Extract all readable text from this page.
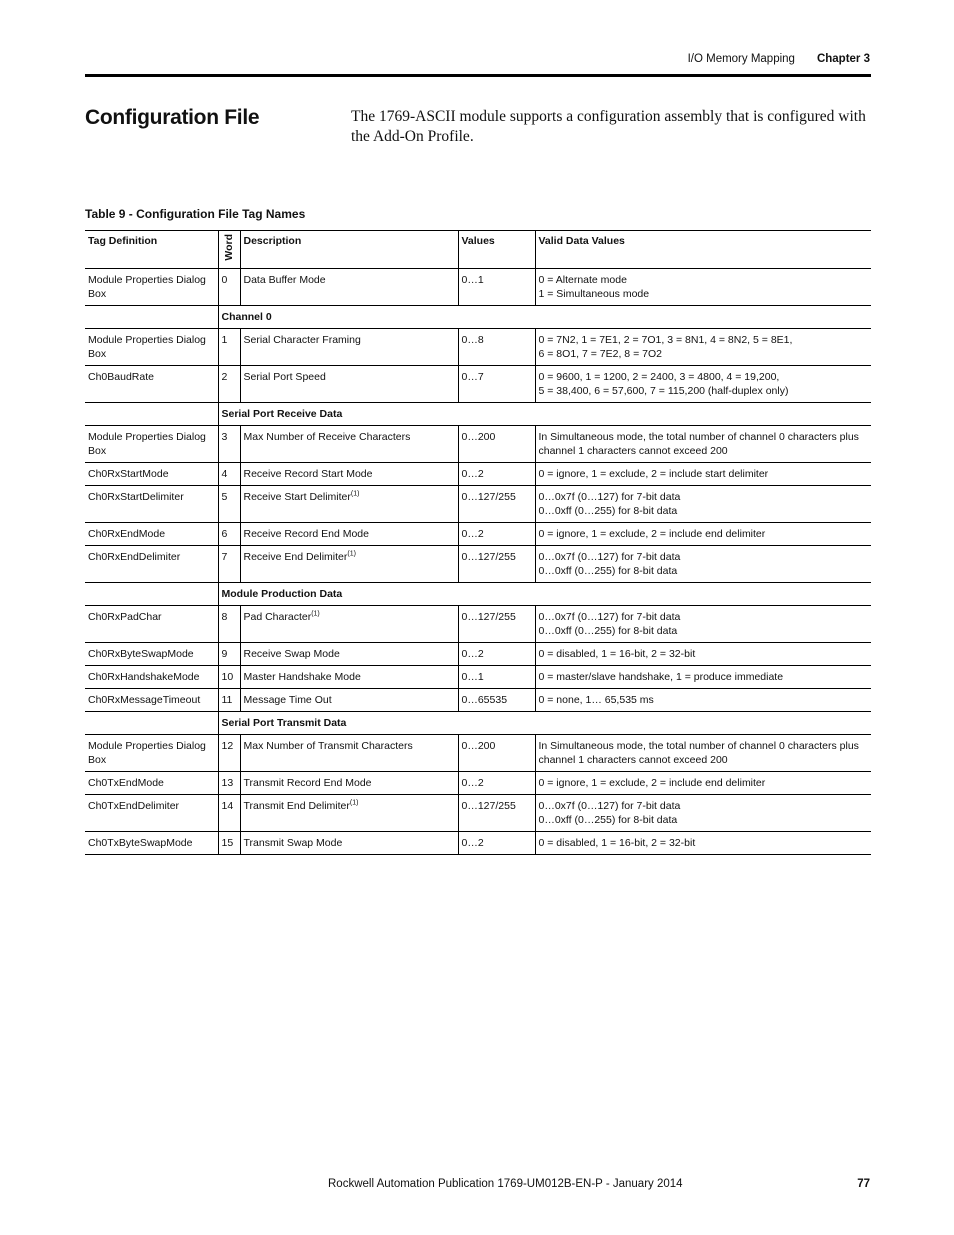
I/O Memory Mapping Chapter 3
Configuration File	The 1769-ASCII module supports a configuration assembly that is configured with the Add-On Profile.
Table 9 - Configuration File Tag Names
Tag Definition	Word	Description	Values	Valid Data Values
Module Properties Dialog Box	0	Data Buffer Mode	0…1	0 = Alternate mode
1 = Simultaneous mode

	Channel 0			
Module Properties Dialog Box	1	Serial Character Framing	0…8	0 = 7N2, 1 = 7E1, 2 = 7O1, 3 = 8N1, 4 = 8N2, 5 = 8E1,
6 = 8O1, 7 = 7E2, 8 = 7O2

Ch0BaudRate	2	Serial Port Speed	0…7	0 = 9600, 1 = 1200, 2 = 2400, 3 = 4800, 4 = 19,200,
5 = 38,400, 6 = 57,600, 7 = 115,200 (half-duplex only)

	Serial Port Receive Data			
Module Properties Dialog Box	3	Max Number of Receive Characters	0…200	In Simultaneous mode, the total number of channel 0 characters plus
channel 1 characters cannot exceed 200

Ch0RxStartMode	4	Receive Record Start Mode	0…2	0 = ignore, 1 = exclude, 2 = include start delimiter

Ch0RxStartDelimiter	5	Receive Start Delimiter$^{(1)}$	0…127/255	0…0x7f (0…127) for 7-bit data
0…0xff (0…255) for 8-bit data

Ch0RxEndMode	6	Receive Record End Mode	0…2	0 = ignore, 1 = exclude, 2 = include end delimiter

Ch0RxEndDelimiter	7	Receive End Delimiter$^{(1)}$	0…127/255	0…0x7f (0…127) for 7-bit data
0…0xff (0…255) for 8-bit data

	Module Production Data			
Ch0RxPadChar	8	Pad Character$^{(1)}$	0…127/255	0…0x7f (0…127) for 7-bit data
0…0xff (0…255) for 8-bit data

Ch0RxByteSwapMode	9	Receive Swap Mode	0…2	0 = disabled, 1 = 16-bit, 2 = 32-bit

Ch0RxHandshakeMode	10	Master Handshake Mode	0…1	0 = master/slave handshake, 1 = produce immediate

Ch0RxMessageTimeout	11	Message Time Out	0…65535	0 = none, 1… 65,535 ms

	Serial Port Transmit Data			
Module Properties Dialog Box	12	Max Number of Transmit Characters	0…200	In Simultaneous mode, the total number of channel 0 characters plus
channel 1 characters cannot exceed 200

Ch0TxEndMode	13	Transmit Record End Mode	0…2	0 = ignore, 1 = exclude, 2 = include end delimiter

Ch0TxEndDelimiter	14	Transmit End Delimiter$^{(1)}$	0…127/255	0…0x7f (0…127) for 7-bit data
0…0xff (0…255) for 8-bit data

Ch0TxByteSwapMode	15	Transmit Swap Mode	0…2	0 = disabled, 1 = 16-bit, 2 = 32-bit
Rockwell Automation Publication 1769-UM012B-EN-P - January 2014	77
